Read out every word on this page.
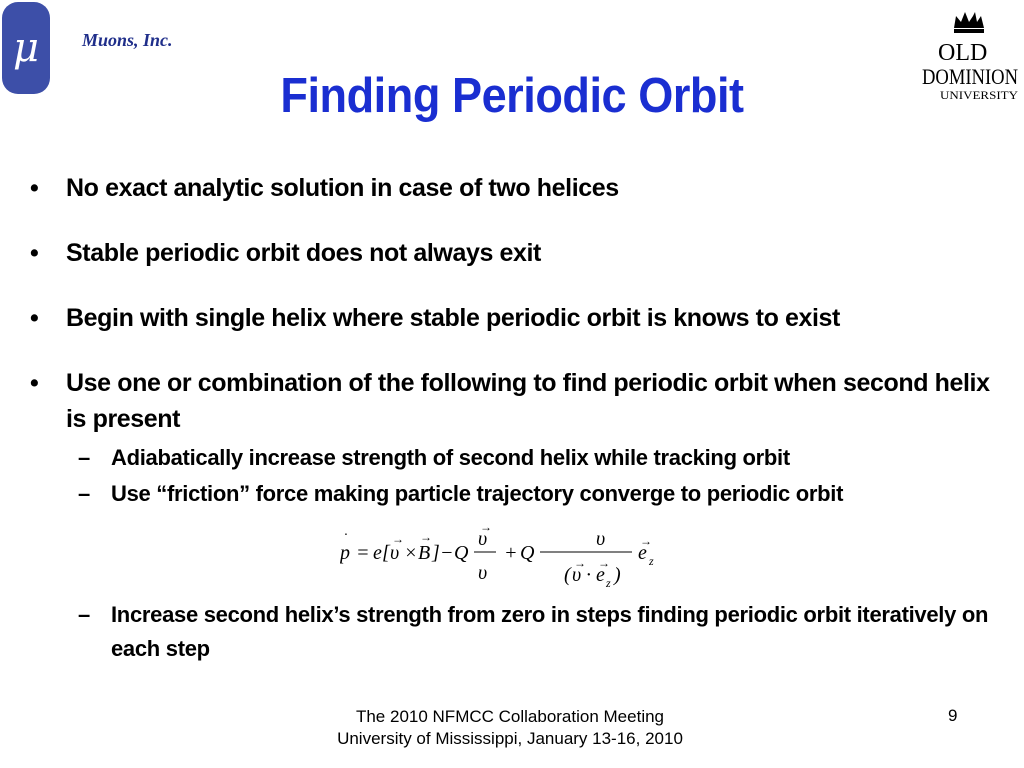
μ Muons, Inc.	OLD
DOMINION
UNIVERSITY
Finding Periodic Orbit
• No exact analytic solution in case of two helices
• Stable periodic orbit does not always exit
• Begin with single helix where stable periodic orbit is knows to exist
• Use one or combination of the following to find periodic orbit when second helix is present
– Adiabatically increase strength of second helix while tracking orbit
– Use “friction” force making particle trajectory converge to periodic orbit
p
·
= e [ υ
→
× B
→
] − Q
υ
→
υ
+ Q
υ
( υ
→
· e
→
z )
e
→
z
– Increase second helix’s strength from zero in steps finding periodic orbit iteratively on each step
The 2010 NFMCC Collaboration Meeting
University of Mississippi, January 13-16, 2010
9
